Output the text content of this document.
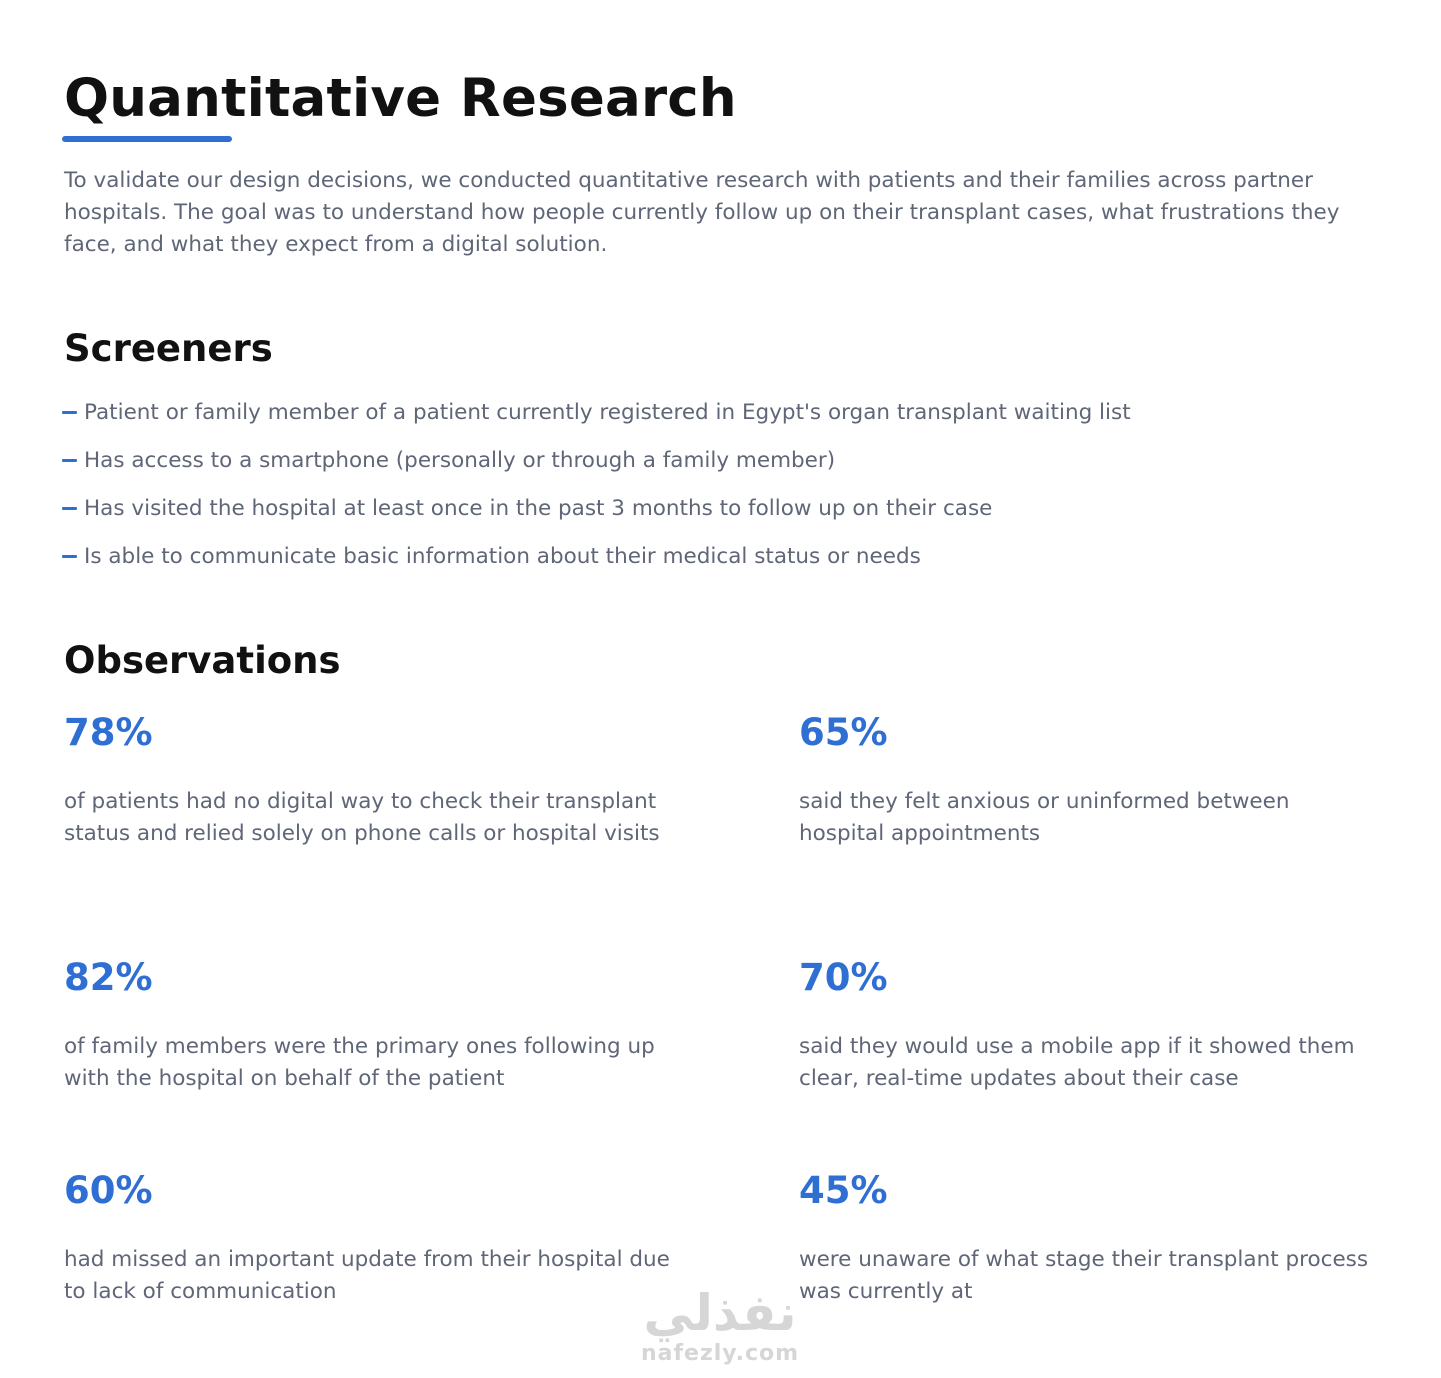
Quantitative Research

To validate our design decisions, we conducted quantitative research with patients and their families across partner hospitals. The goal was to understand how people currently follow up on their transplant cases, what frustrations they face, and what they expect from a digital solution.

Screeners
Patient or family member of a patient currently registered in Egypt's organ transplant waiting list
Has access to a smartphone (personally or through a family member)
Has visited the hospital at least once in the past 3 months to follow up on their case
Is able to communicate basic information about their medical status or needs
Observations

78%

of patients had no digital way to check their transplant status and relied solely on phone calls or hospital visits

65%

said they felt anxious or uninformed between hospital appointments

82%

of family members were the primary ones following up with the hospital on behalf of the patient

70%

said they would use a mobile app if it showed them clear, real-time updates about their case

60%

had missed an important update from their hospital due to lack of communication

45%

were unaware of what stage their transplant process was currently at

نفذلي
nafezly.com
